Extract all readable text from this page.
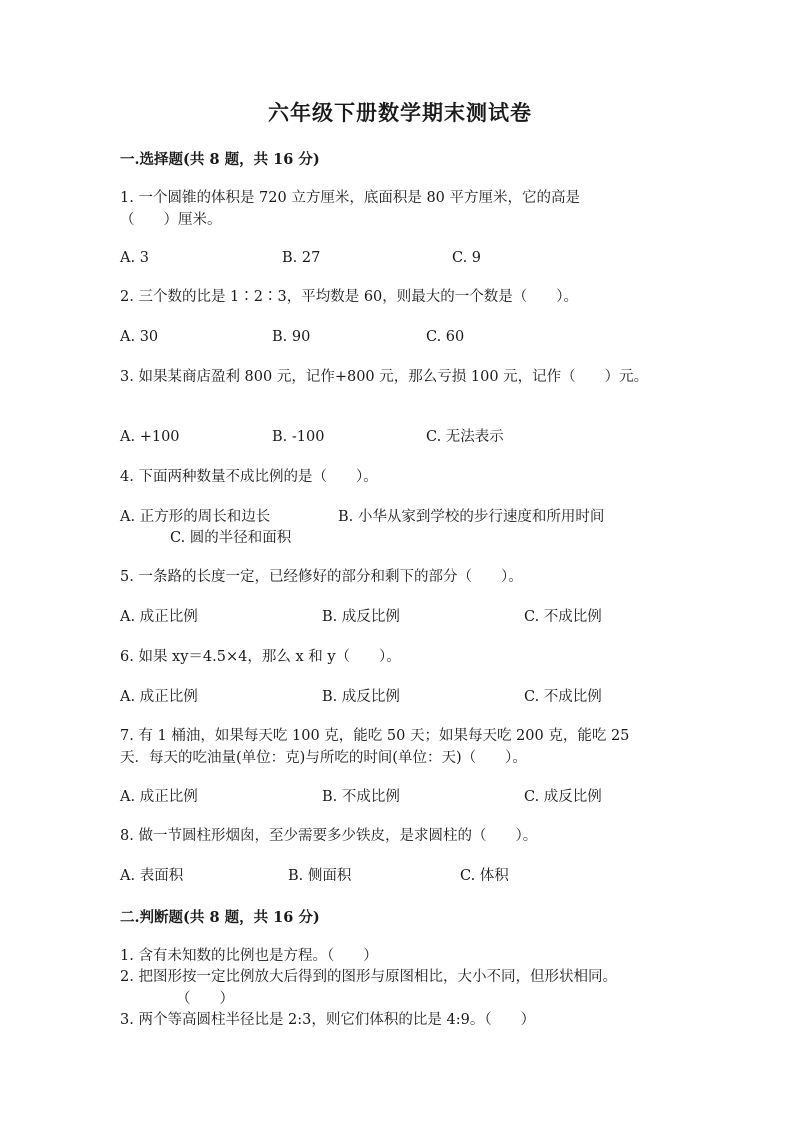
六年级下册数学期末测试卷
一.选择题(共 8 题，共 16 分)
1. 一个圆锥的体积是 720 立方厘米，底面积是 80 平方厘米，它的高是
（　　）厘米。
A. 3	B. 27	C. 9
2. 三个数的比是 1∶2∶3，平均数是 60，则最大的一个数是（　　）。
A. 30	B. 90	C. 60
3. 如果某商店盈利 800 元，记作+800 元，那么亏损 100 元，记作（　　）元。
A. +100	B. -100	C. 无法表示
4. 下面两种数量不成比例的是（　　）。
A. 正方形的周长和边长	B. 小华从家到学校的步行速度和所用时间
C. 圆的半径和面积
5. 一条路的长度一定，已经修好的部分和剩下的部分（　　）。
A. 成正比例	B. 成反比例	C. 不成比例
6. 如果 xy＝4.5×4，那么 x 和 y（　　）。
A. 成正比例	B. 成反比例	C. 不成比例
7. 有 1 桶油，如果每天吃 100 克，能吃 50 天；如果每天吃 200 克，能吃 25
天．每天的吃油量(单位：克)与所吃的时间(单位：天)（　　）。
A. 成正比例	B. 不成比例	C. 成反比例
8. 做一节圆柱形烟囱，至少需要多少铁皮，是求圆柱的（　　）。
A. 表面积	B. 侧面积	C. 体积
二.判断题(共 8 题，共 16 分)
1. 含有未知数的比例也是方程。（　　）
2. 把图形按一定比例放大后得到的图形与原图相比，大小不同，但形状相同。
（　　）
3. 两个等高圆柱半径比是 2:3，则它们体积的比是 4:9。（　　）
